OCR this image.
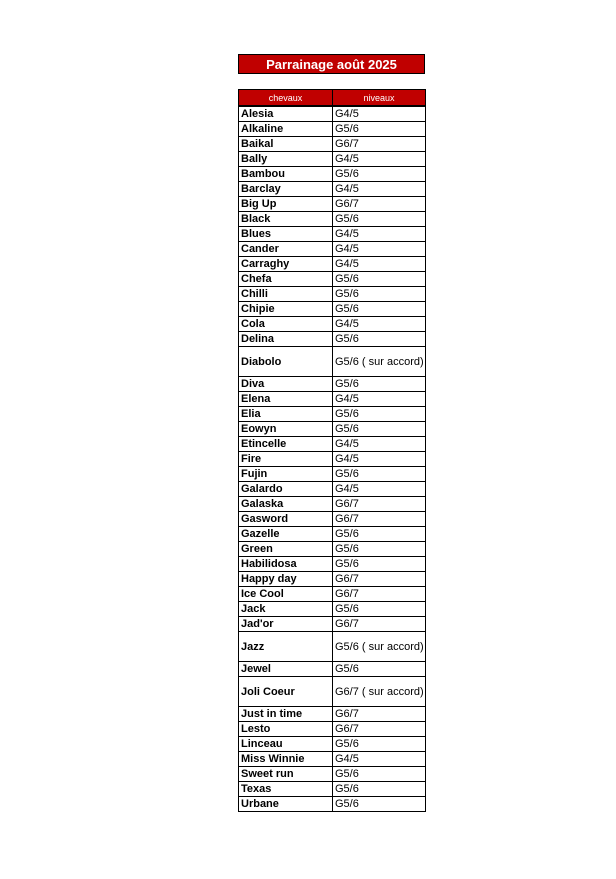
Parrainage août 2025
chevaux	niveaux
Alesia	G4/5
Alkaline	G5/6
Baikal	G6/7
Bally	G4/5
Bambou	G5/6
Barclay	G4/5
Big Up	G6/7
Black	G5/6
Blues	G4/5
Cander	G4/5
Carraghy	G4/5
Chefa	G5/6
Chilli	G5/6
Chipie	G5/6
Cola	G4/5
Delina	G5/6
Diabolo	G5/6 ( sur accord)
Diva	G5/6
Elena	G4/5
Elia	G5/6
Eowyn	G5/6
Etincelle	G4/5
Fire	G4/5
Fujin	G5/6
Galardo	G4/5
Galaska	G6/7
Gasword	G6/7
Gazelle	G5/6
Green	G5/6
Habilidosa	G5/6
Happy day	G6/7
Ice Cool	G6/7
Jack	G5/6
Jad'or	G6/7
Jazz	G5/6 ( sur accord)
Jewel	G5/6
Joli Coeur	G6/7 ( sur accord)
Just in time	G6/7
Lesto	G6/7
Linceau	G5/6
Miss Winnie	G4/5
Sweet run	G5/6
Texas	G5/6
Urbane	G5/6
